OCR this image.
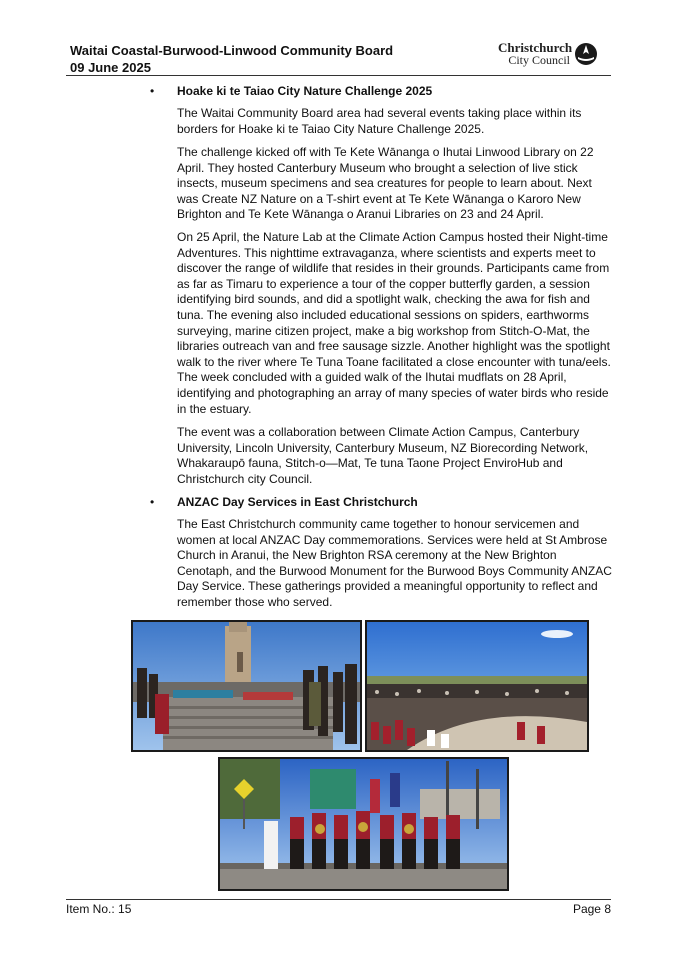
Waitai Coastal-Burwood-Linwood Community Board
09 June 2025
Christchurch
City Council
• Hoake ki te Taiao City Nature Challenge 2025

The Waitai Community Board area had several events taking place within its borders for Hoake ki te Taiao City Nature Challenge 2025.

The challenge kicked off with Te Kete Wānanga o Ihutai Linwood Library on 22 April. They hosted Canterbury Museum who brought a selection of live stick insects, museum specimens and sea creatures for people to learn about. Next was Create NZ Nature on a T-shirt event at Te Kete Wānanga o Karoro New Brighton and Te Kete Wānanga o Aranui Libraries on 23 and 24 April.

On 25 April, the Nature Lab at the Climate Action Campus hosted their Night-time Adventures. This nighttime extravaganza, where scientists and experts meet to discover the range of wildlife that resides in their grounds. Participants came from as far as Timaru to experience a tour of the copper butterfly garden, a session identifying bird sounds, and did a spotlight walk, checking the awa for fish and tuna. The evening also included educational sessions on spiders, earthworms surveying, marine citizen project, make a big workshop from Stitch-O-Mat, the libraries outreach van and free sausage sizzle. Another highlight was the spotlight walk to the river where Te Tuna Toane facilitated a close encounter with tuna/eels. The week concluded with a guided walk of the Ihutai mudflats on 28 April, identifying and photographing an array of many species of water birds who reside in the estuary.

The event was a collaboration between Climate Action Campus, Canterbury University, Lincoln University, Canterbury Museum, NZ Biorecording Network, Whakaraupō fauna, Stitch-o—Mat, Te tuna Taone Project EnviroHub and Christchurch city Council.

• ANZAC Day Services in East Christchurch

The East Christchurch community came together to honour servicemen and women at local ANZAC Day commemorations. Services were held at St Ambrose Church in Aranui, the New Brighton RSA ceremony at the New Brighton Cenotaph, and the Burwood Monument for the Burwood Boys Community ANZAC Day Service. These gatherings provided a meaningful opportunity to reflect and remember those who served.

Item No.: 15	Page 8
